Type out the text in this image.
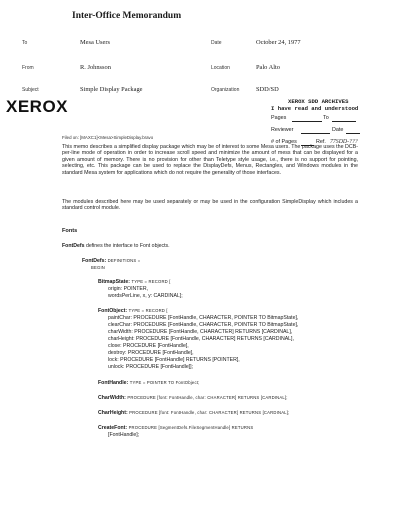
Inter-Office Memorandum
To	Mesa Users	Date	October 24, 1977
From	R. Johnsson	Location	Palo Alto
Subject	Simple Display Package	Organization	SDD/SD
XEROX	XEROX SDD ARCHIVES
I have read and understood
Pages	To
Reviewer	Date
# of Pages	Ref. 77SDD-???
Filed on: [MAXC1]<Mesa>SimpleDisplay.bravo
This memo describes a simplified display package which may be of interest to some Mesa users. The package uses the DCB-per-line mode of operation in order to increase scroll speed and minimize the amount of mess that can be displayed for a given amount of memory. There is no provision for other than Teletype style usage, i.e., there is no support for pointing, selecting, etc. This package can be used to replace the DisplayDefs, Menus, Rectangles, and Windows modules in the standard Mesa system for applications which do not require the generality of those interfaces.
The modules described here may be used separately or may be used in the configuration SimpleDisplay which includes a standard control module.
Fonts
FontDefs defines the interface to Font objects.
FontDefs: DEFINITIONS =
BEGIN
BitmapState: TYPE = RECORD [
origin: POINTER,
wordsPerLine, x, y: CARDINAL];
FontObject: TYPE = RECORD [
paintChar: PROCEDURE [FontHandle, CHARACTER, POINTER TO BitmapState],
clearChar: PROCEDURE [FontHandle, CHARACTER, POINTER TO BitmapState],
charWidth: PROCEDURE [FontHandle, CHARACTER] RETURNS [CARDINAL],
charHeight: PROCEDURE [FontHandle, CHARACTER] RETURNS [CARDINAL],
close: PROCEDURE [FontHandle],
destroy: PROCEDURE [FontHandle],
lock: PROCEDURE [FontHandle] RETURNS [POINTER],
unlock: PROCEDURE [FontHandle]];
FontHandle: TYPE = POINTER TO FontObject;
CharWidth: PROCEDURE [font: FontHandle, char: CHARACTER] RETURNS [CARDINAL];
CharHeight: PROCEDURE [font: FontHandle, char: CHARACTER] RETURNS [CARDINAL];
CreateFont: PROCEDURE [SegmentDefs.FileSegmentHandle] RETURNS
[FontHandle];
